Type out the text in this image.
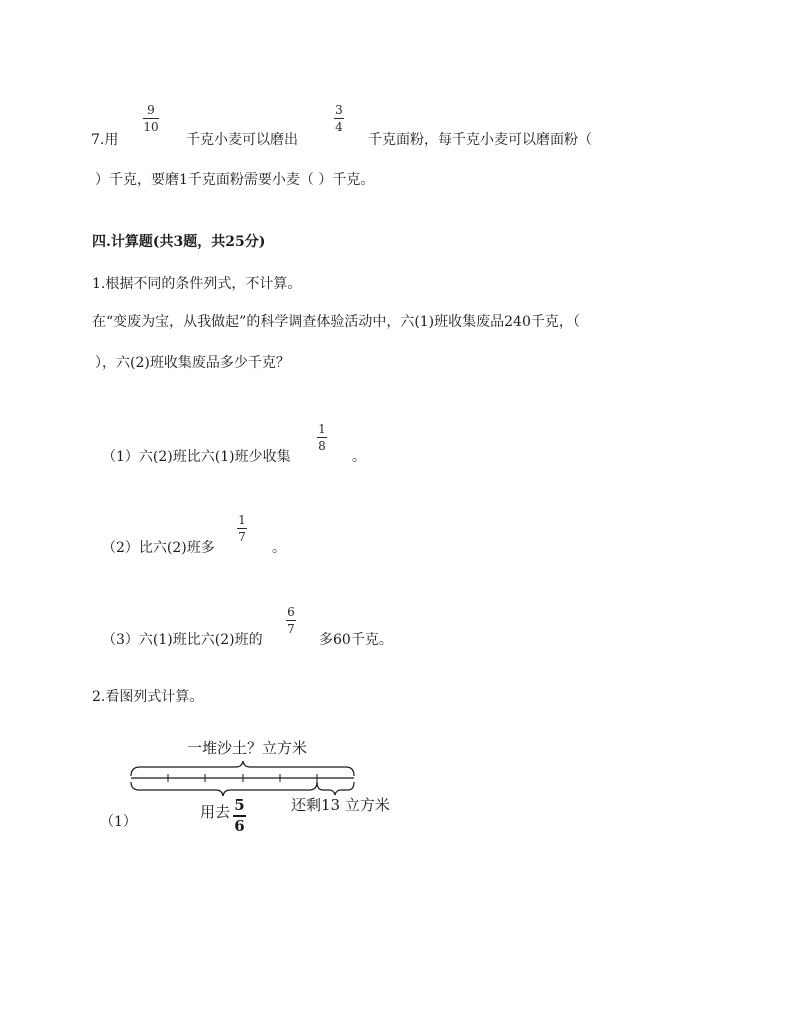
7.用
9
10
千克小麦可以磨出
3
4
千克面粉，每千克小麦可以磨面粉（
）千克，要磨1千克面粉需要小麦（ ）千克。
四.计算题(共3题，共25分)
1.根据不同的条件列式，不计算。
在“变废为宝，从我做起”的科学调查体验活动中，六(1)班收集废品240千克，（
），六(2)班收集废品多少千克？
（1）六(2)班比六(1)班少收集
1
8
。
（2）比六(2)班多
1
7
。
（3）六(1)班比六(2)班的
6
7
多60千克。
2.看图列式计算。
一堆沙土？立方米
用去 5
6
还剩13 立方米
（1）
